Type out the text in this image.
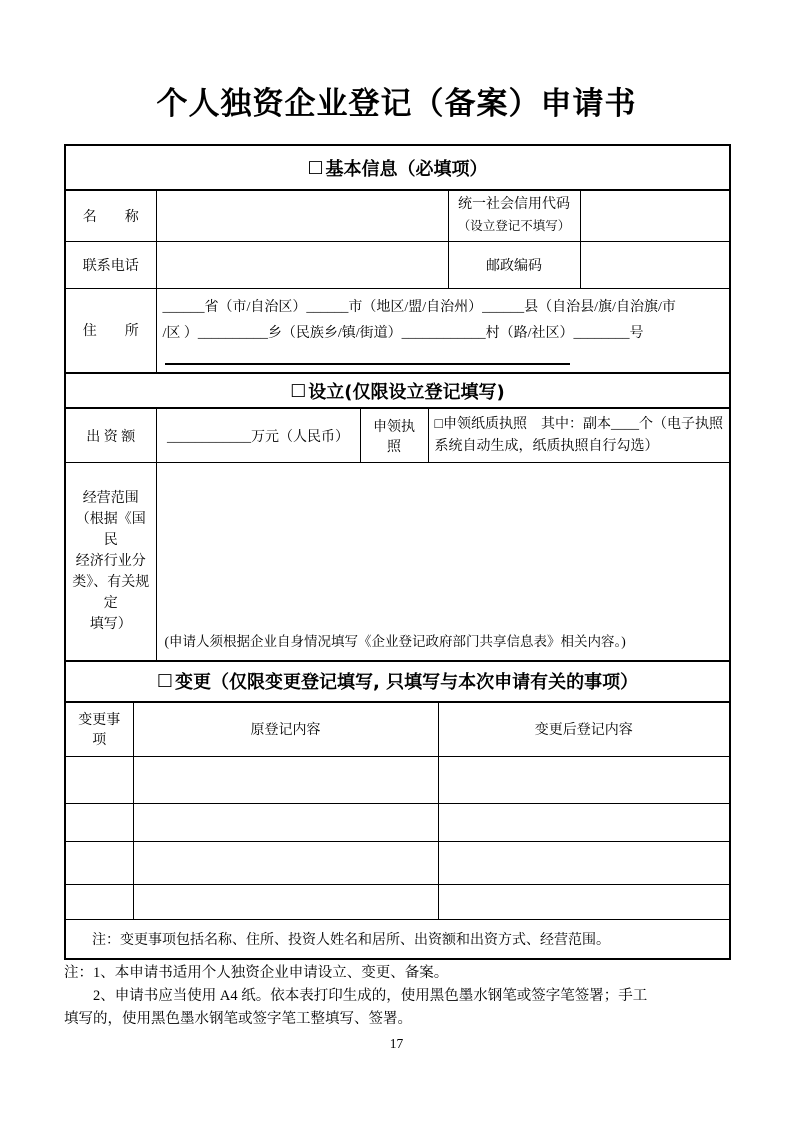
个人独资企业登记（备案）申请书
□ 基本信息（必填项）
名　　称		统一社会信用代码
（设立登记不填写）	
联系电话		邮政编码	
住　　所	______省（市/自治区）______市（地区/盟/自治州）______县（自治县/旗/自治旗/市
/区 ）__________乡（民族乡/镇/街道）____________村（路/社区）________号		
□ 设立(仅限设立登记填写)
出 资 额	____________万元（人民币）	申领执照	□申领纸质执照　其中：副本____个（电子执照系统自动生成，纸质执照自行勾选）
经营范围
（根据《国民
经济行业分
类》、有关规定
填写）

(申请人须根据企业自身情况填写《企业登记政府部门共享信息表》相关内容。)
□ 变更（仅限变更登记填写, 只填写与本次申请有关的事项）
变更事项	原登记内容	变更后登记内容

注：变更事项包括名称、住所、投资人姓名和居所、出资额和出资方式、经营范围。		
注：1、本申请书适用个人独资企业申请设立、变更、备案。
2、申请书应当使用 A4 纸。依本表打印生成的，使用黑色墨水钢笔或签字笔签署；手工
填写的，使用黑色墨水钢笔或签字笔工整填写、签署。
17
